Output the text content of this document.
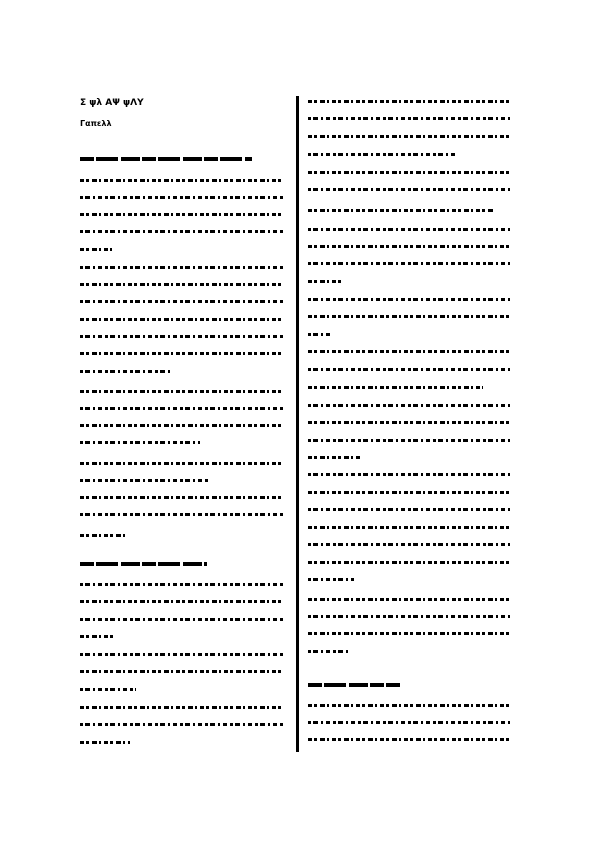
Σ ψλ ΑΨ ψΛΥ
Γαπελλ
